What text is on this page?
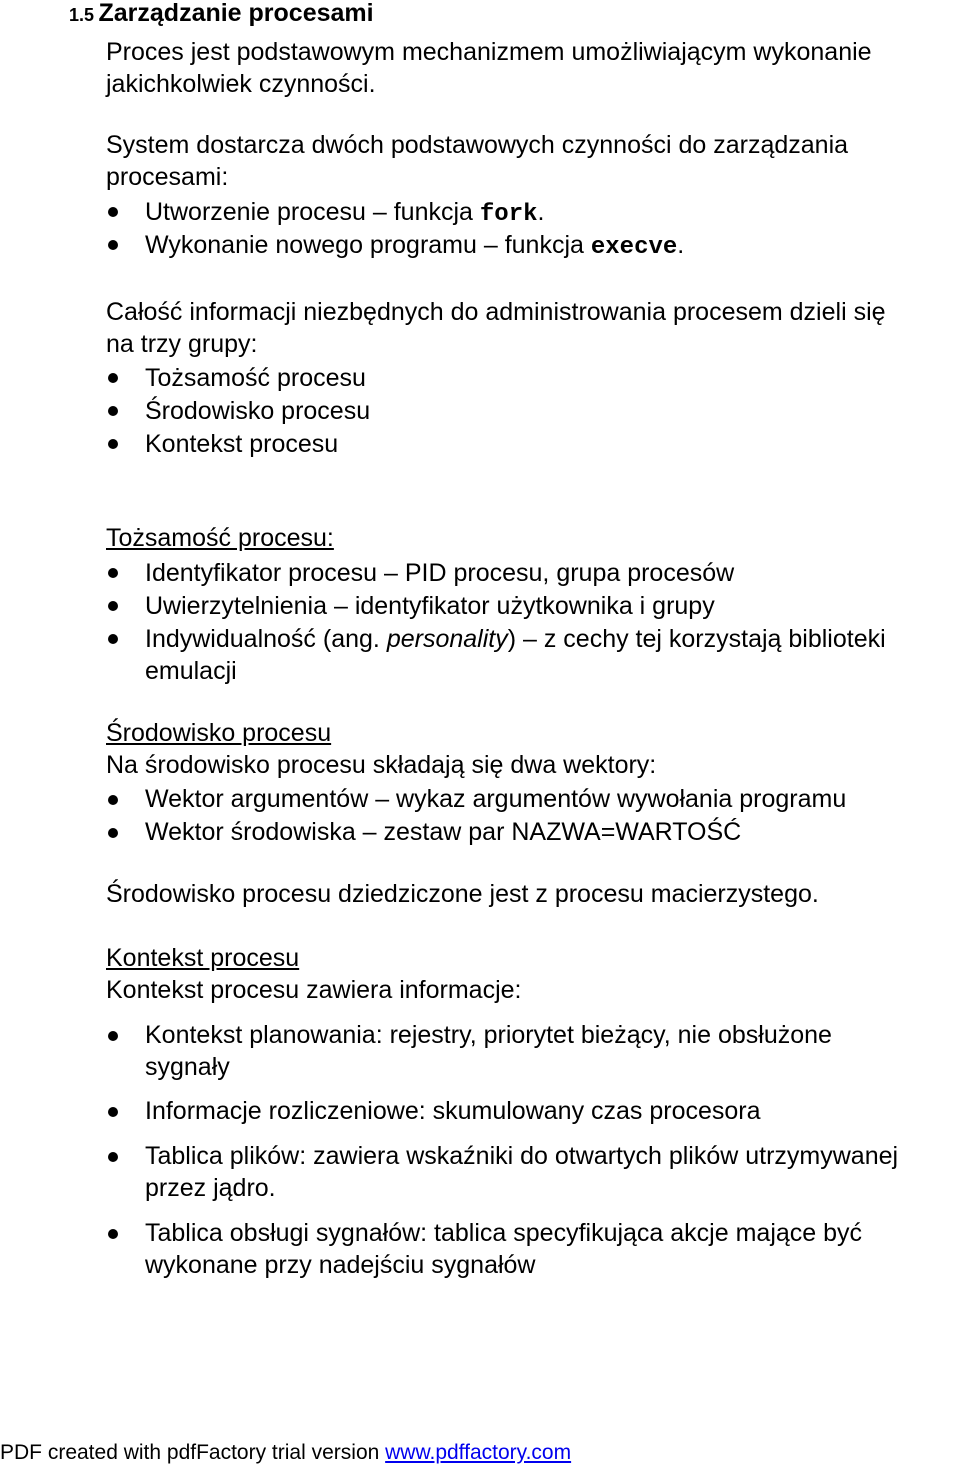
1.5 Zarządzanie procesami

Proces jest podstawowym mechanizmem umożliwiającym wykonanie

jakichkolwiek czynności.

System dostarcza dwóch podstawowych czynności do zarządzania

procesami:

Utworzenie procesu – funkcja fork.

Wykonanie nowego programu – funkcja execve.

Całość informacji niezbędnych do administrowania procesem dzieli się

na trzy grupy:

Tożsamość procesu

Środowisko procesu

Kontekst procesu

Tożsamość procesu:

Identyfikator procesu – PID procesu, grupa procesów

Uwierzytelnienia – identyfikator użytkownika i grupy

Indywidualność (ang. personality) – z cechy tej korzystają biblioteki

emulacji

Środowisko procesu

Na środowisko procesu składają się dwa wektory:

Wektor argumentów – wykaz argumentów wywołania programu

Wektor środowiska – zestaw par NAZWA=WARTOŚĆ

Środowisko procesu dziedziczone jest z procesu macierzystego.

Kontekst procesu

Kontekst procesu zawiera informacje:

Kontekst planowania: rejestry, priorytet bieżący, nie obsłużone

sygnały

Informacje rozliczeniowe: skumulowany czas procesora

Tablica plików: zawiera wskaźniki do otwartych plików utrzymywanej

przez jądro.

Tablica obsługi sygnałów: tablica specyfikująca akcje mające być

wykonane przy nadejściu sygnałów

PDF created with pdfFactory trial version www.pdffactory.com
